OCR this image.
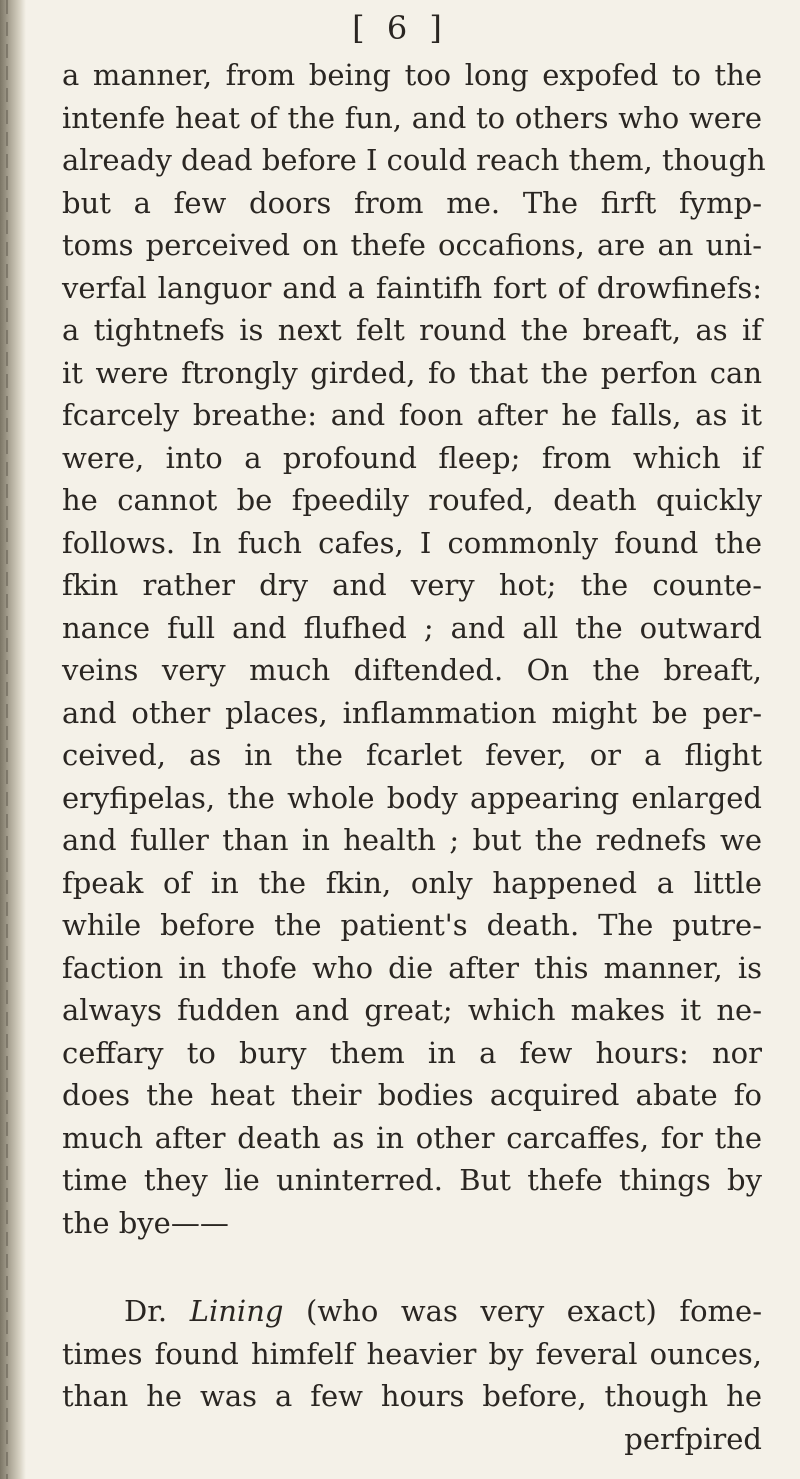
[ 6 ]
a manner, from being too long expofed to the
intenfe heat of the fun, and to others who were
already dead before I could reach them, though
but a few doors from me. The firft fymp-
toms perceived on thefe occafions, are an uni-
verfal languor and a faintifh fort of drowfinefs:
a tightnefs is next felt round the breaft, as if
it were ftrongly girded, fo that the perfon can
fcarcely breathe: and foon after he falls, as it
were, into a profound fleep; from which if
he cannot be fpeedily roufed, death quickly
follows. In fuch cafes, I commonly found the
fkin rather dry and very hot; the counte-
nance full and flufhed ; and all the outward
veins very much diftended. On the breaft,
and other places, inflammation might be per-
ceived, as in the fcarlet fever, or a flight
eryfipelas, the whole body appearing enlarged
and fuller than in health ; but the rednefs we
fpeak of in the fkin, only happened a little
while before the patient's death. The putre-
faction in thofe who die after this manner, is
always fudden and great; which makes it ne-
ceffary to bury them in a few hours: nor
does the heat their bodies acquired abate fo
much after death as in other carcaffes, for the
time they lie uninterred. But thefe things by
the bye——
Dr. Lining (who was very exact) fome-
times found himfelf heavier by feveral ounces,
than he was a few hours before, though he
perfpired
